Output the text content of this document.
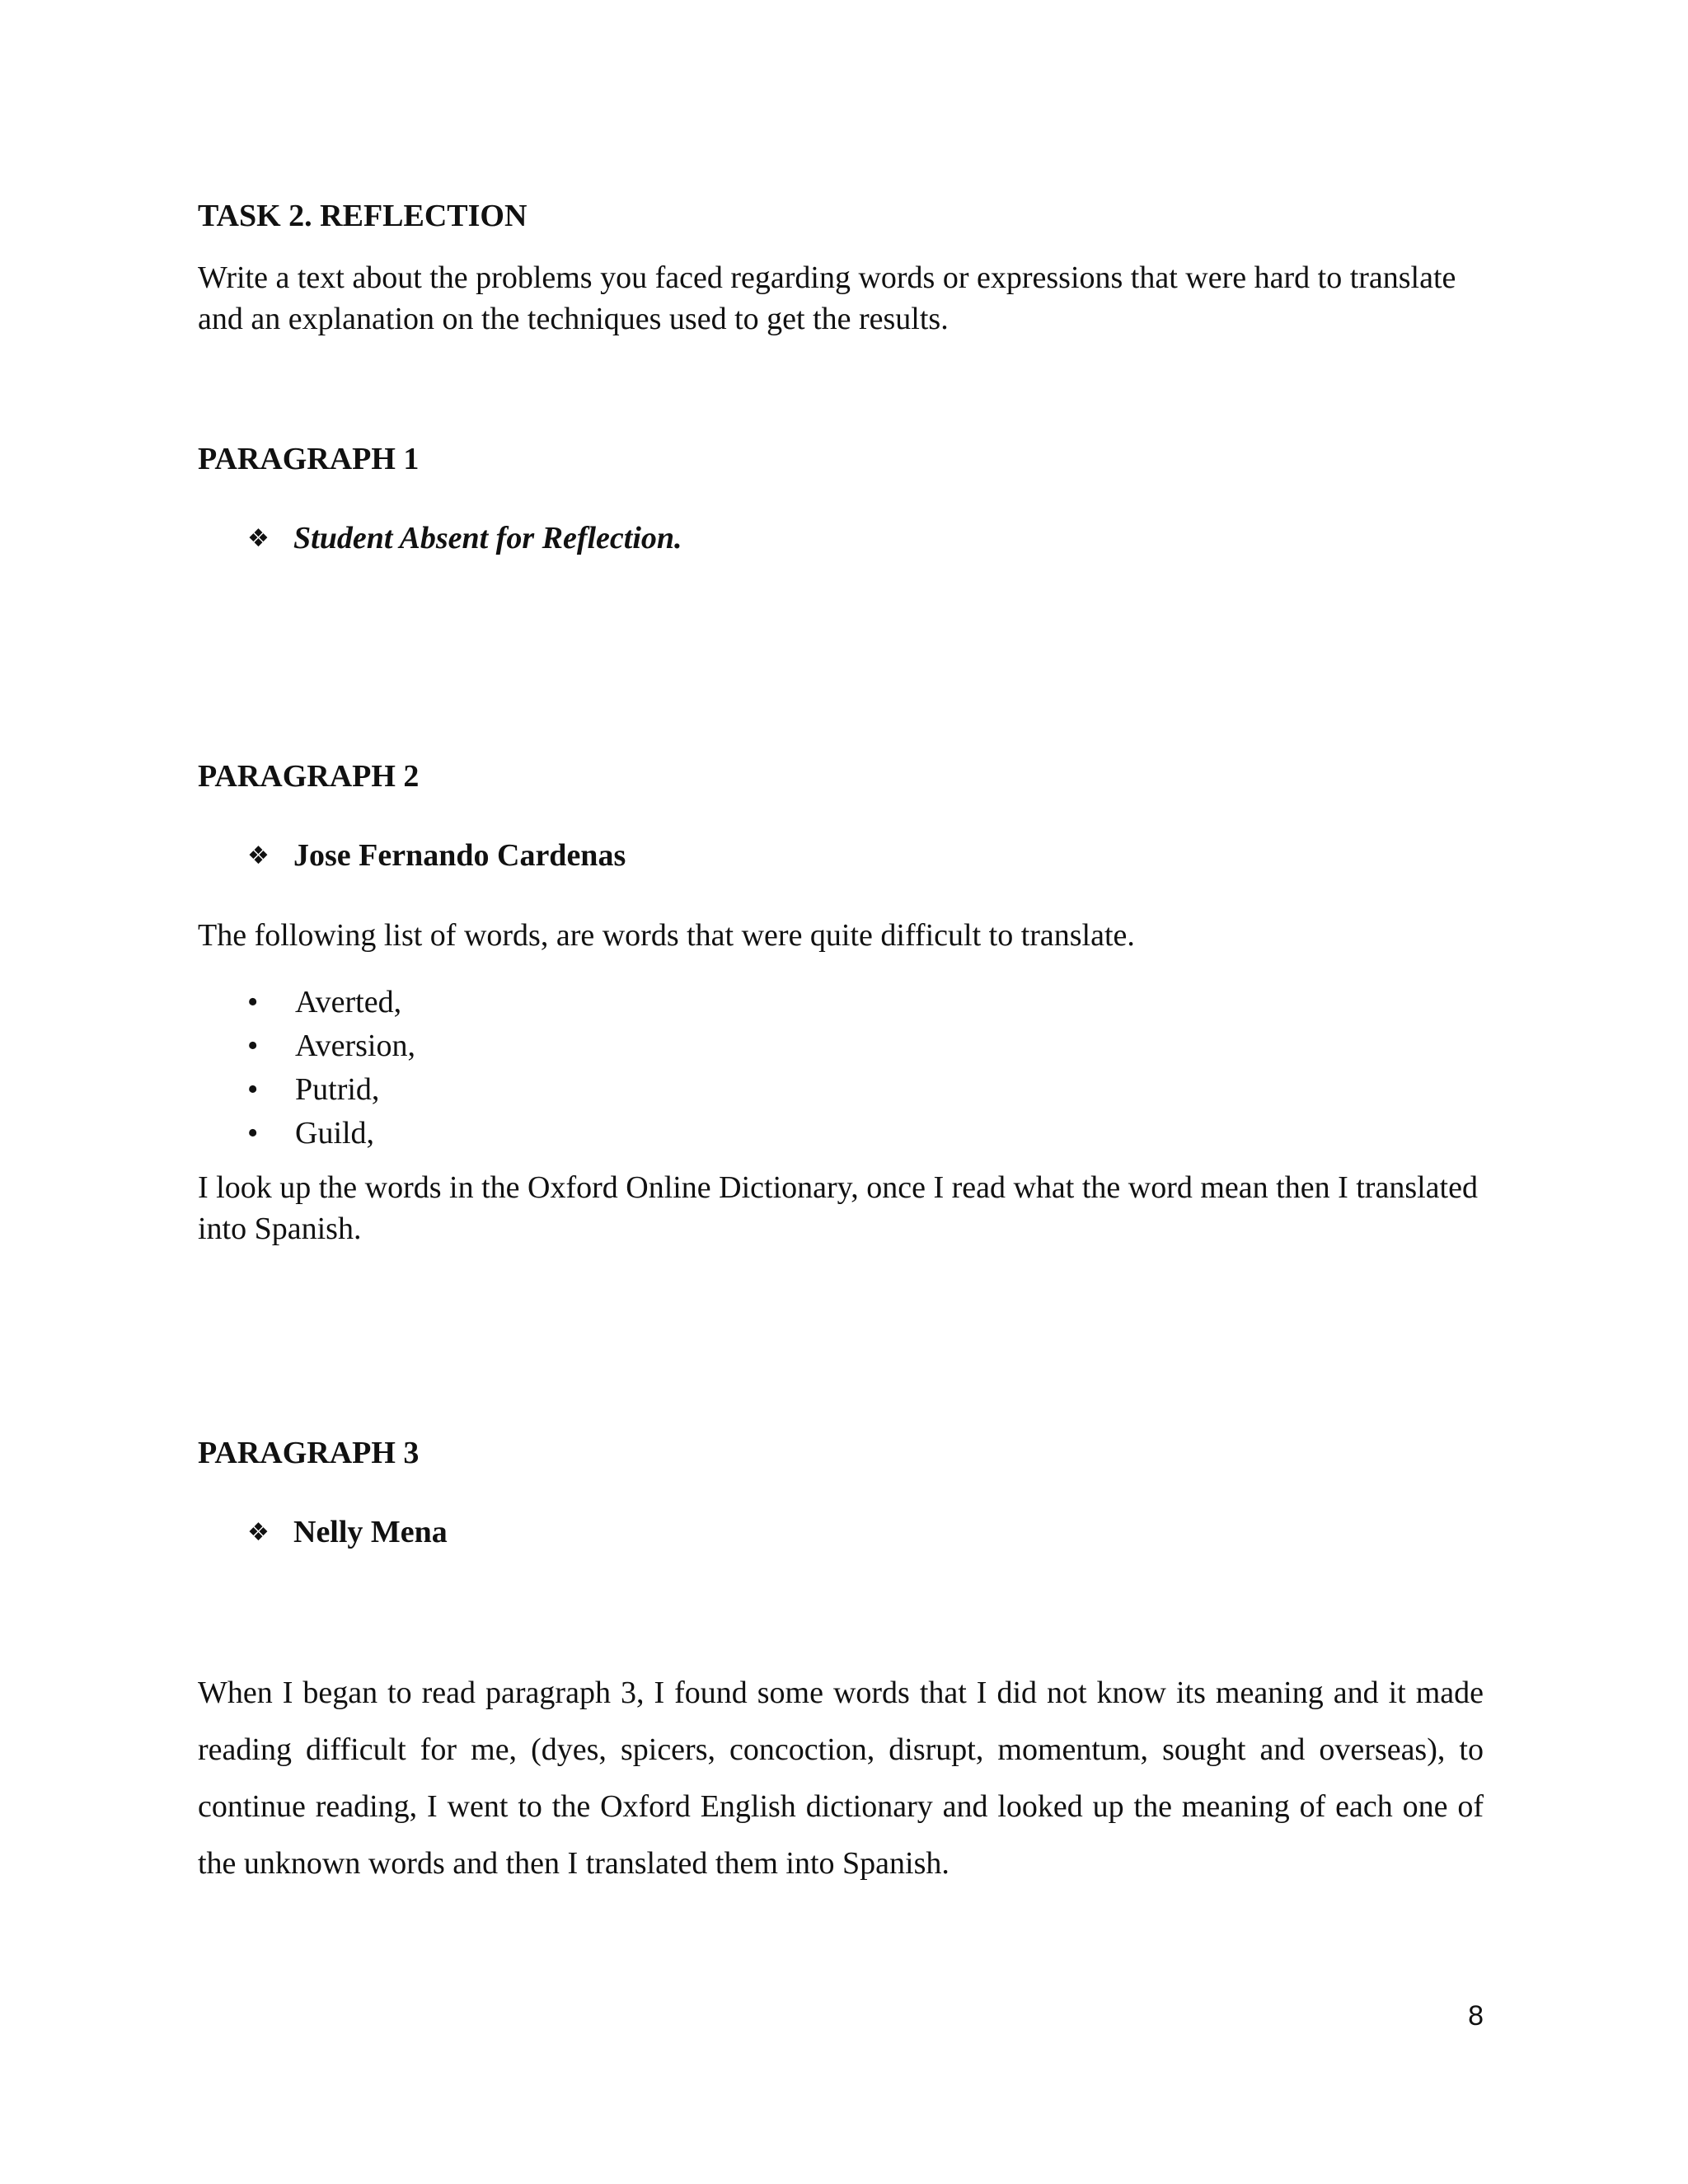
TASK 2. REFLECTION

Write a text about the problems you faced regarding words or expressions that were hard to translate and an explanation on the techniques used to get the results.

PARAGRAPH 1

❖ Student Absent for Reflection.

PARAGRAPH 2

❖ Jose Fernando Cardenas

The following list of words, are words that were quite difficult to translate.

•	Averted,
•	Aversion,
•	Putrid,
•	Guild,

I look up the words in the Oxford Online Dictionary, once I read what the word mean then I translated into Spanish.

PARAGRAPH 3

❖ Nelly Mena

When I began to read paragraph 3, I found some words that I did not know its meaning and it made reading difficult for me, (dyes, spicers, concoction, disrupt, momentum, sought and overseas), to continue reading, I went to the Oxford English dictionary and looked up the meaning of each one of the unknown words and then I translated them into Spanish.

8
